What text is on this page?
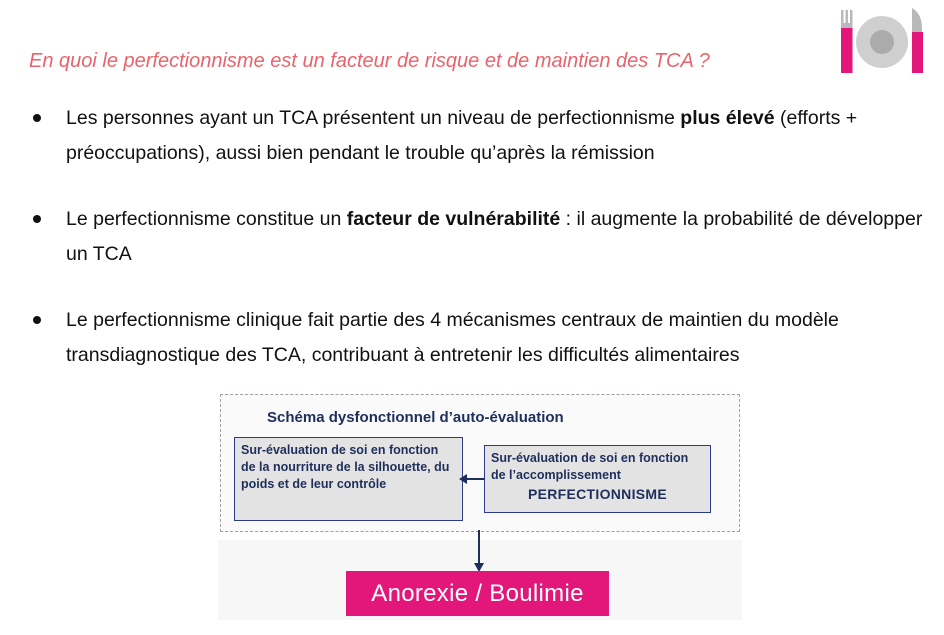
En quoi le perfectionnisme est un facteur de risque et de maintien des TCA ?
Les personnes ayant un TCA présentent un niveau de perfectionnisme plus élevé (efforts + préoccupations), aussi bien pendant le trouble qu’après la rémission
Le perfectionnisme constitue un facteur de vulnérabilité : il augmente la probabilité de développer un TCA
Le perfectionnisme clinique fait partie des 4 mécanismes centraux de maintien du modèle transdiagnostique des TCA, contribuant à entretenir les difficultés alimentaires
Schéma dysfonctionnel d’auto-évaluation
Sur-évaluation de soi en fonction de la nourriture de la silhouette, du poids et de leur contrôle
Sur-évaluation de soi en fonction de l’accomplissement
PERFECTIONNISME
Anorexie / Boulimie
